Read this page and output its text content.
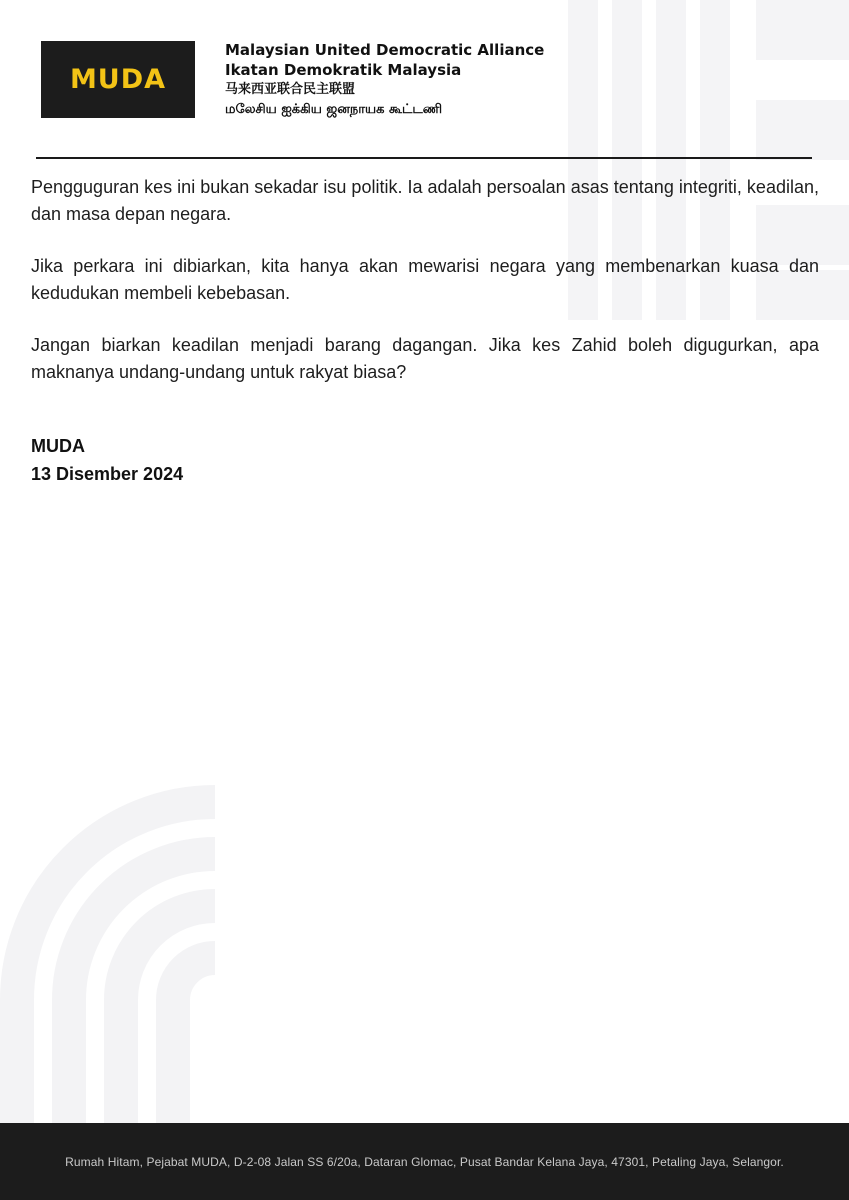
MUDA
Malaysian United Democratic Alliance
Ikatan Demokratik Malaysia
马来西亚联合民主联盟
மலேசிய ஐக்கிய ஜனநாயக கூட்டணி

Pengguguran kes ini bukan sekadar isu politik. Ia adalah persoalan asas tentang integriti, keadilan, dan masa depan negara.

Jika perkara ini dibiarkan, kita hanya akan mewarisi negara yang membenarkan kuasa dan kedudukan membeli kebebasan.

Jangan biarkan keadilan menjadi barang dagangan. Jika kes Zahid boleh digugurkan, apa maknanya undang-undang untuk rakyat biasa?

MUDA
13 Disember 2024
Rumah Hitam, Pejabat MUDA, D-2-08 Jalan SS 6/20a, Dataran Glomac, Pusat Bandar Kelana Jaya, 47301, Petaling Jaya, Selangor.
